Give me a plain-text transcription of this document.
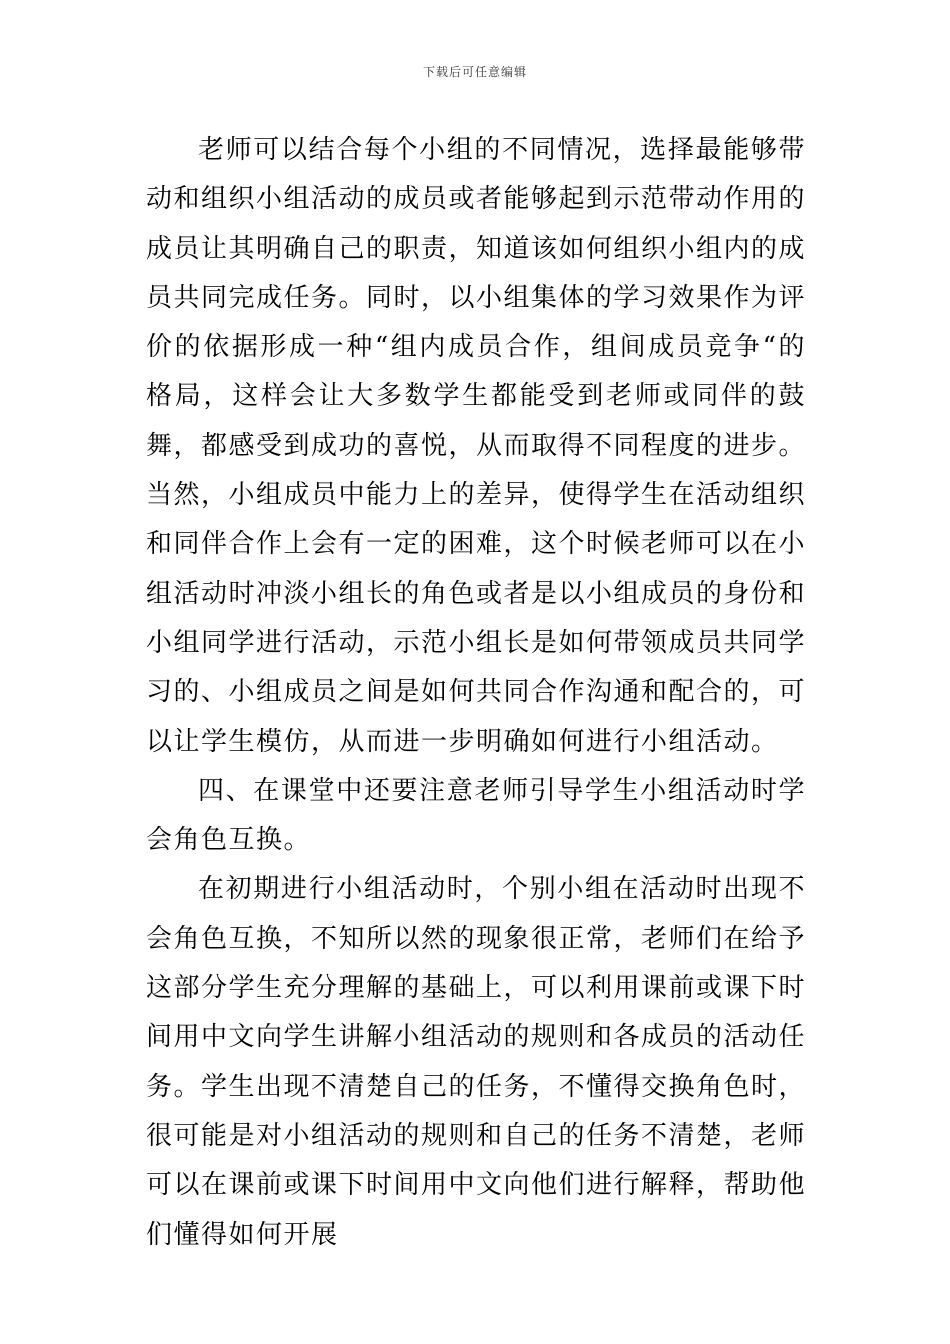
下载后可任意编辑

老师可以结合每个小组的不同情况，选择最能够带动和组织小组活动的成员或者能够起到示范带动作用的成员让其明确自己的职责，知道该如何组织小组内的成员共同完成任务。同时，以小组集体的学习效果作为评价的依据形成一种“组内成员合作，组间成员竞争“的格局，这样会让大多数学生都能受到老师或同伴的鼓舞，都感受到成功的喜悦，从而取得不同程度的进步。当然，小组成员中能力上的差异，使得学生在活动组织和同伴合作上会有一定的困难，这个时候老师可以在小组活动时冲淡小组长的角色或者是以小组成员的身份和小组同学进行活动，示范小组长是如何带领成员共同学习的、小组成员之间是如何共同合作沟通和配合的，可以让学生模仿，从而进一步明确如何进行小组活动。

四、在课堂中还要注意老师引导学生小组活动时学会角色互换。

在初期进行小组活动时，个别小组在活动时出现不会角色互换，不知所以然的现象很正常，老师们在给予这部分学生充分理解的基础上，可以利用课前或课下时间用中文向学生讲解小组活动的规则和各成员的活动任务。学生出现不清楚自己的任务，不懂得交换角色时，很可能是对小组活动的规则和自己的任务不清楚，老师可以在课前或课下时间用中文向他们进行解释，帮助他们懂得如何开展
